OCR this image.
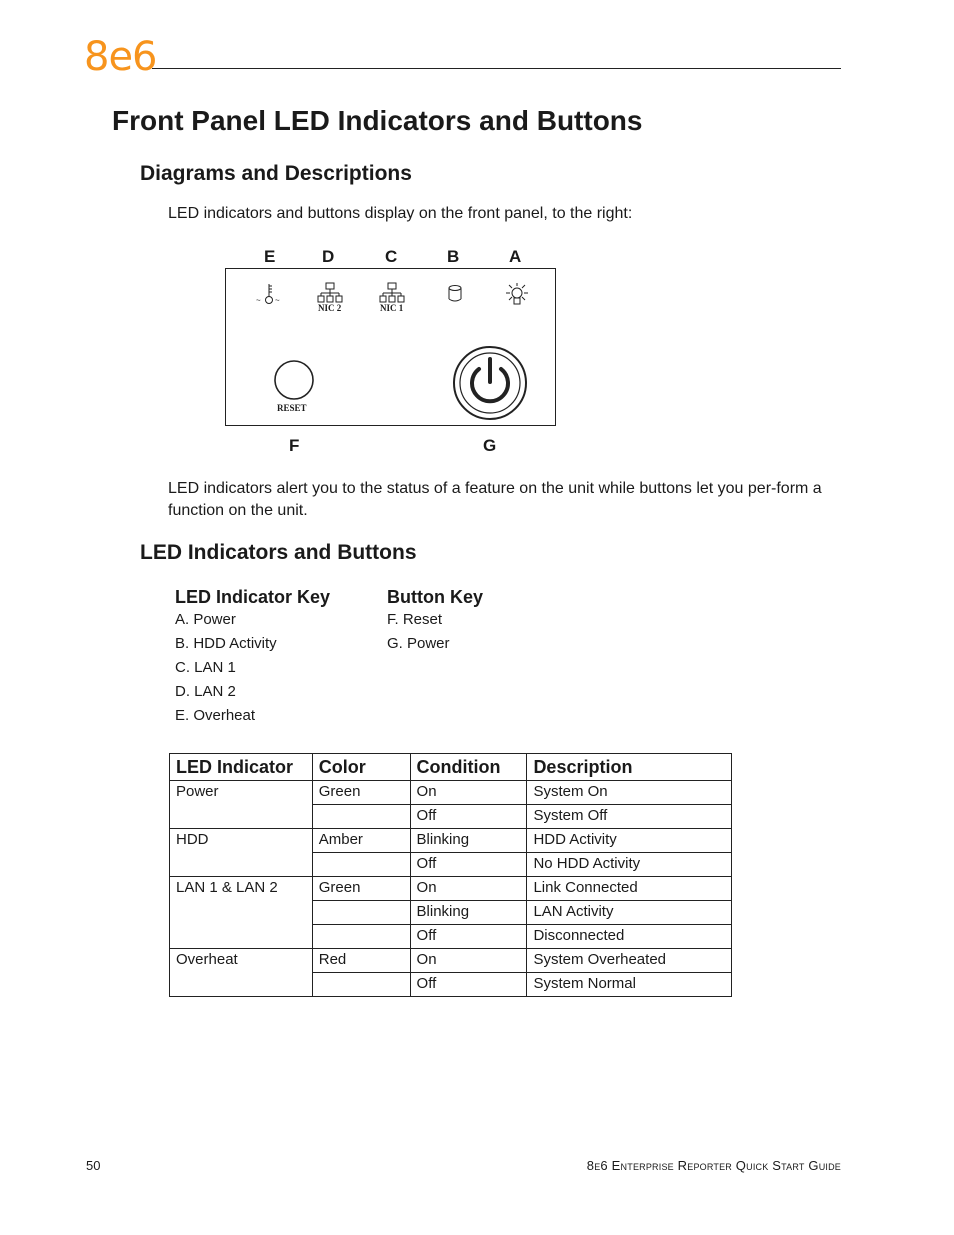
8e6
Front Panel LED Indicators and Buttons
Diagrams and Descriptions
LED indicators and buttons display on the front panel, to the right:
E	D	C	B	A
~ ~
NIC 2	NIC 1
RESET
F	G
LED indicators alert you to the status of a feature on the unit while buttons let you per-form a function on the unit.
LED Indicators and Buttons
LED Indicator Key
A. Power
B. HDD Activity
C. LAN 1
D. LAN 2
E. Overheat
Button Key
F. Reset
G. Power
LED Indicator	Color	Condition	Description
Power	Green	On	System On
		Off	System Off
HDD	Amber	Blinking	HDD Activity
		Off	No HDD Activity
LAN 1 & LAN 2	Green	On	Link Connected
		Blinking	LAN Activity
		Off	Disconnected
Overheat	Red	On	System Overheated
		Off	System Normal
50	8e6 Enterprise Reporter Quick Start Guide
